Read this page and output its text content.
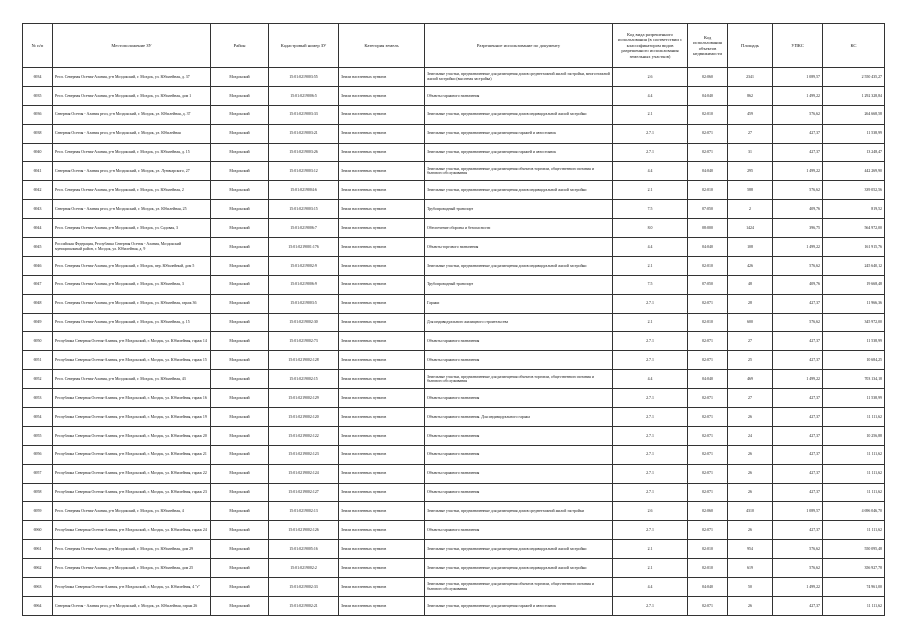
№ п/п	Местоположение ЗУ	Район	Кадастровый номер ЗУ	Категория земель	Разрешенное использование по документу	Код вида разрешенного использования (в соответствии с классификатором видов разрешенного использования земельных участков)	Код использования объектов недвижимости	Площадь	УПКС	КС
6934	Респ. Северная Осетия-Алания, р-н Моздокский, г. Моздок, ул. Юбилейная, д. 37	Моздокский	15:01:0219003:55	Земли населенных пунктов	Земельные участки, предназначенные для размещения домов среднеэтажной жилой застройки, многоэтажной жилой застройки (высотная застройка)	2.6	02:060	2341	1 089,57	2 550 435,27
6935	Респ. Северная Осетия-Алания, р-н Моздокский, г. Моздок, ул. Юбилейная, дом 1	Моздокский	15:01:0219006:5	Земли населенных пунктов	Объекты гаражного назначения	4.4	04:040	862	1 499,22	1 292 328,84
6936	Северная Осетия - Алания респ, р-н Моздокский, г. Моздок, ул. Юбилейная, д. 37	Моздокский	15:01:0219003:33	Земли населенных пунктов	Земельные участки, предназначенные для размещения домов индивидуальной жилой застройки	2.1	02:010	459	576,62	264 668,58
6938	Северная Осетия - Алания респ, р-н Моздокский, г. Моздок, ул. Юбилейная	Моздокский	15:01:0219003:21	Земли населенных пунктов	Земельные участки, предназначенные для размещения гаражей и автостоянок	2.7.1	02:071	27	427,37	11 538,99
6940	Респ. Северная Осетия-Алания, р-н Моздокский, г. Моздок, ул. Юбилейная, д. 15	Моздокский	15:01:0219003:26	Земли населенных пунктов	Земельные участки, предназначенные для размещения гаражей и автостоянок	2.7.1	02:071	31	427,37	13 248,47
6941	Северная Осетия - Алания респ, р-н Моздокский, г. Моздок, ул. Луначарского, 27	Моздокский	15:01:0219003:12	Земли населенных пунктов	Земельные участки, предназначенные для размещения объектов торговли, общественного питания и бытового обслуживания	4.4	04:040	295	1 499,22	442 269,90
6942	Респ. Северная Осетия-Алания, р-н Моздокский, г. Моздок, ул. Юбилейная, 2	Моздокский	15:01:0219004:6	Земли населенных пунктов	Земельные участки, предназначенные для размещения домов индивидуальной жилой застройки	2.1	02:010	588	576,62	339 052,56
6943	Северная Осетия - Алания респ, р-н Моздокский, г. Моздок, ул. Юбилейная, 25	Моздокский	15:01:0219003:15	Земли населенных пунктов	Трубопроводный транспорт	7.5	07:050	2	409,76	819,52
6944	Респ. Северная Осетия-Алания, р-н Моздокский, г. Моздок, ул. Садовая, 3	Моздокский	15:01:0219006:7	Земли населенных пунктов	Обеспечение обороны и безопасности	8.0	08:000	1424	396,75	564 972,00
6945	Российская Федерация, Республика Северная Осетия - Алания, Моздокский муниципальный район, г. Моздок, ул. Юбилейная, д. 9	Моздокский	15:01:0219001:176	Земли населенных пунктов	Объекты торгового назначения	4.4	04:040	108	1 499,22	161 915,76
6946	Респ. Северная Осетия-Алания, р-н Моздокский, г. Моздок, пер. Юбилейный, дом 5	Моздокский	15:01:0219002:9	Земли населенных пунктов	Земельные участки, предназначенные для размещения домов индивидуальной жилой застройки	2.1	02:010	426	576,62	245 640,12
6947	Респ. Северная Осетия-Алания, р-н Моздокский, г. Моздок, ул. Юбилейная, 3	Моздокский	15:01:0219006:9	Земли населенных пунктов	Трубопроводный транспорт	7.5	07:050	48	409,76	19 668,48
6948	Респ. Северная Осетия-Алания, р-н Моздокский, г. Моздок, ул. Юбилейная, гараж 36	Моздокский	15:01:0219003:5	Земли населенных пунктов	Гаражи	2.7.1	02:071	28	427,37	11 966,36
6949	Респ. Северная Осетия-Алания, р-н Моздокский, г. Моздок, ул. Юбилейная, д. 15	Моздокский	15:01:0219002:30	Земли населенных пунктов	Для индивидуального жилищного строительства	2.1	02:010	600	576,62	345 972,00
6950	Республика Северная Осетия-Алания, р-н Моздокский, г. Моздок, ул. Юбилейная, гараж 14	Моздокский	15:01:0219002:73	Земли населенных пунктов	Объекты гаражного назначения	2.7.1	02:071	27	427,37	11 538,99
6951	Республика Северная Осетия-Алания, р-н Моздокский, г. Моздок, ул. Юбилейная, гараж 15	Моздокский	15:01:0219002:128	Земли населенных пунктов	Объекты гаражного назначения	2.7.1	02:071	25	427,37	10 684,25
6952	Респ. Северная Осетия-Алания, р-н Моздокский, г. Моздок, ул. Юбилейная, 43	Моздокский	15:01:0219002:15	Земли населенных пунктов	Земельные участки, предназначенные для размещения объектов торговли, общественного питания и бытового обслуживания	4.4	04:040	469	1 499,22	703 134,18
6953	Республика Северная Осетия-Алания, р-н Моздокский, г. Моздок, ул. Юбилейная, гараж 16	Моздокский	15:01:0219002:129	Земли населенных пунктов	Объекты гаражного назначения	2.7.1	02:071	27	427,37	11 538,99
6954	Республика Северная Осетия-Алания, р-н Моздокский, г. Моздок, ул. Юбилейная, гараж 19	Моздокский	15:01:0219002:120	Земли населенных пунктов	Объекты гаражного назначения. Для индивидуального гаража	2.7.1	02:071	26	427,37	11 111,62
6955	Республика Северная Осетия-Алания, р-н Моздокский, г. Моздок, ул. Юбилейная, гараж 20	Моздокский	15:01:0219002:122	Земли населенных пунктов	Объекты гаражного назначения	2.7.1	02:071	24	427,37	10 256,88
6956	Республика Северная Осетия-Алания, р-н Моздокский, г. Моздок, ул. Юбилейная, гараж 21	Моздокский	15:01:0219002:123	Земли населенных пунктов	Объекты гаражного назначения	2.7.1	02:071	26	427,37	11 111,62
6957	Республика Северная Осетия-Алания, р-н Моздокский, г. Моздок, ул. Юбилейная, гараж 22	Моздокский	15:01:0219002:124	Земли населенных пунктов	Объекты гаражного назначения	2.7.1	02:071	26	427,37	11 111,62
6958	Республика Северная Осетия-Алания, р-н Моздокский, г. Моздок, ул. Юбилейная, гараж 23	Моздокский	15:01:0219002:127	Земли населенных пунктов	Объекты гаражного назначения	2.7.1	02:071	26	427,37	11 111,62
6959	Респ. Северная Осетия-Алания, р-н Моздокский, г. Моздок, ул. Юбилейная, 4	Моздокский	15:01:0219002:13	Земли населенных пунктов	Земельные участки, предназначенные для размещения домов среднеэтажной жилой застройки	2.6	02:060	4310	1 089,57	4 696 046,70
6960	Республика Северная Осетия-Алания, р-н Моздокский, г. Моздок, ул. Юбилейная, гараж 24	Моздокский	15:01:0219002:126	Земли населенных пунктов	Объекты гаражного назначения	2.7.1	02:071	26	427,37	11 111,62
6961	Респ. Северная Осетия-Алания, р-н Моздокский, г. Моздок, ул. Юбилейная, дом 29	Моздокский	15:01:0219005:16	Земли населенных пунктов	Земельные участки, предназначенные для размещения домов индивидуальной жилой застройки	2.1	02:010	954	576,62	550 095,48
6962	Респ. Северная Осетия-Алания, р-н Моздокский, г. Моздок, ул. Юбилейная, дом 25	Моздокский	15:01:0219002:2	Земли населенных пунктов	Земельные участки, предназначенные для размещения домов индивидуальной жилой застройки	2.1	02:010	619	576,62	356 927,78
6963	Республика Северная Осетия-Алания, р-н Моздокский, г. Моздок, ул. Юбилейная, 4 "г"	Моздокский	15:01:0219002:33	Земли населенных пунктов	Земельные участки, предназначенные для размещения объектов торговли, общественного питания и бытового обслуживания	4.4	04:040	50	1 499,22	74 961,00
6964	Северная Осетия - Алания респ, р-н Моздокский, г. Моздок, ул. Юбилейная, гараж 26	Моздокский	15:01:0219002:21	Земли населенных пунктов	Земельные участки, предназначенные для размещения гаражей и автостоянок	2.7.1	02:071	26	427,37	11 111,62
